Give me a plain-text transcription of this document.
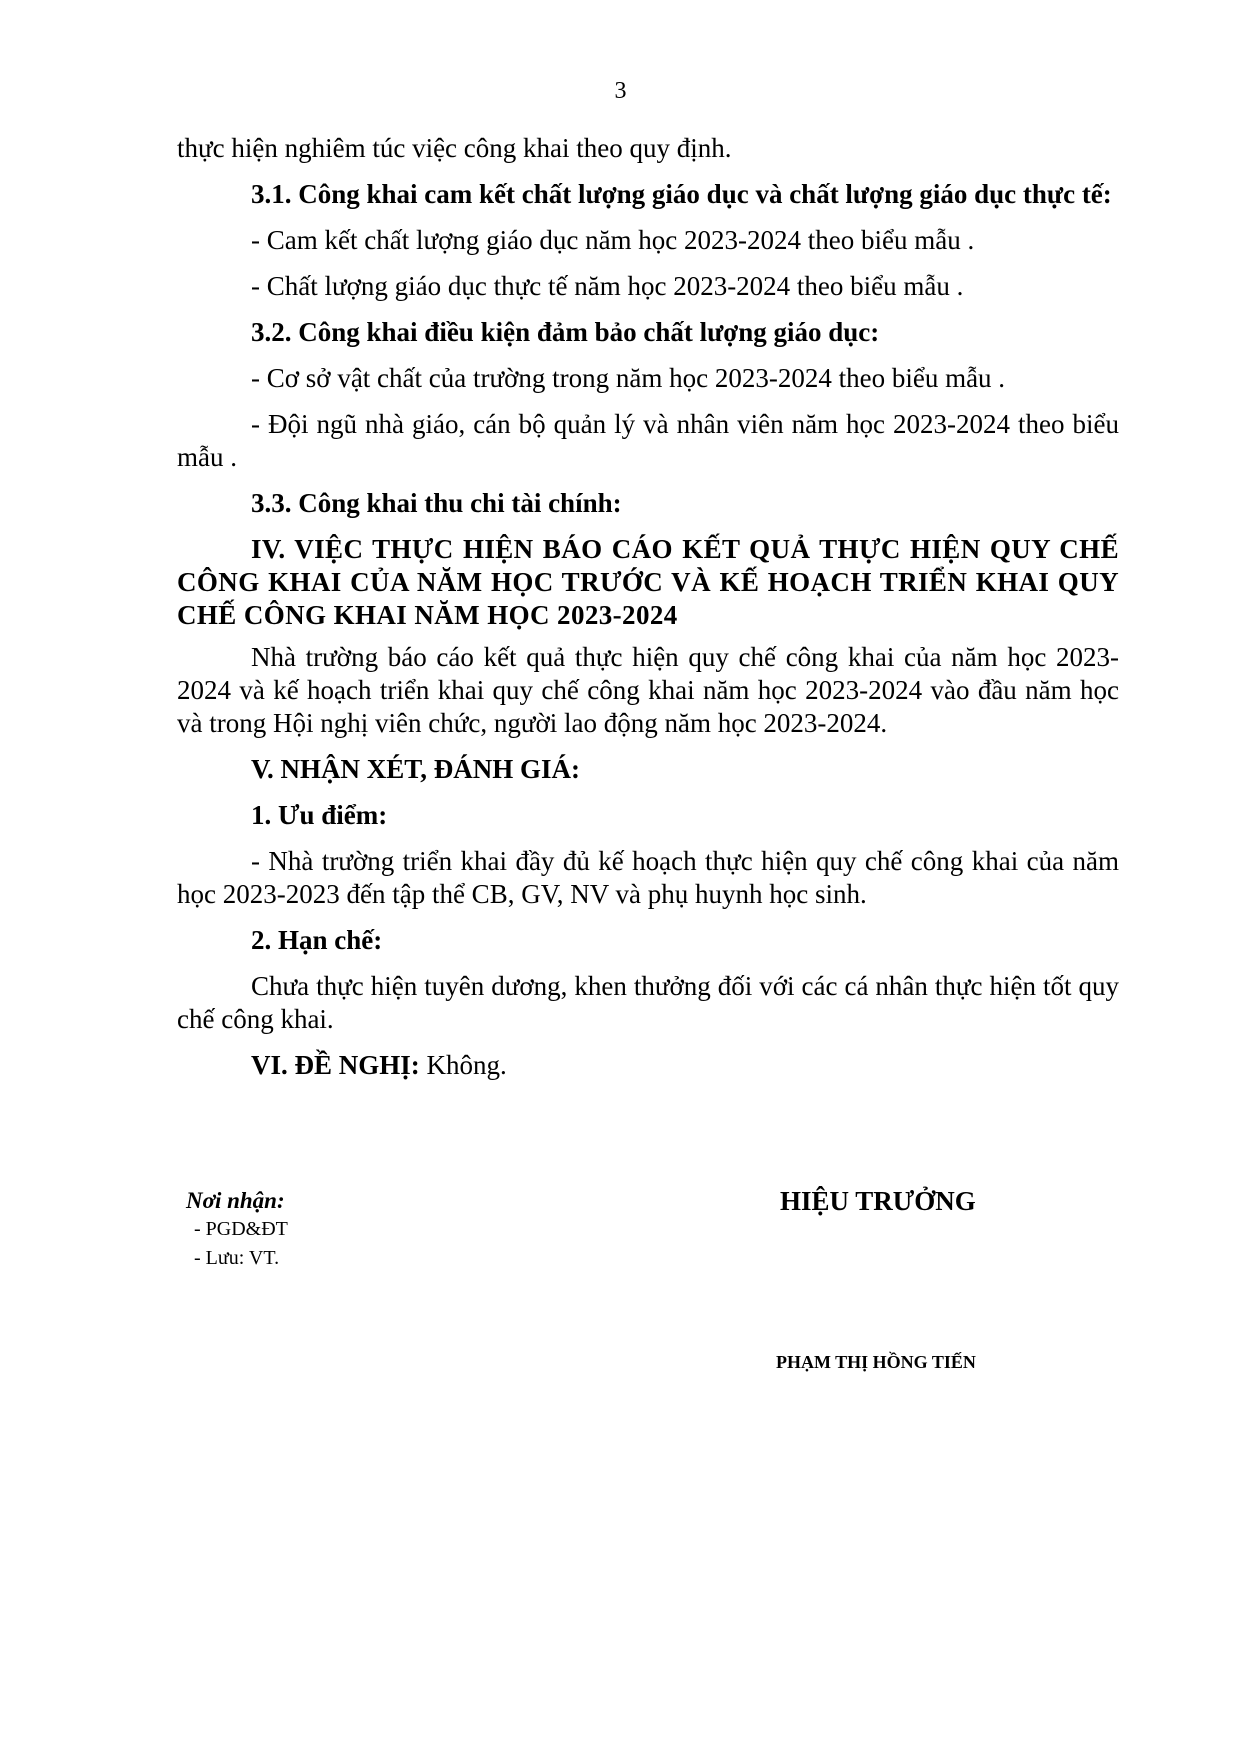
3

thực hiện nghiêm túc việc công khai theo quy định.

3.1. Công khai cam kết chất lượng giáo dục và chất lượng giáo dục thực tế:

- Cam kết chất lượng giáo dục năm học 2023-2024 theo biểu mẫu .

- Chất lượng giáo dục thực tế năm học 2023-2024 theo biểu mẫu .

3.2. Công khai điều kiện đảm bảo chất lượng giáo dục:

- Cơ sở vật chất của trường trong năm học 2023-2024 theo biểu mẫu .

- Đội ngũ nhà giáo, cán bộ quản lý và nhân viên năm học 2023-2024 theo biểu mẫu .

3.3. Công khai thu chi tài chính:

IV. VIỆC THỰC HIỆN BÁO CÁO KẾT QUẢ THỰC HIỆN QUY CHẾ CÔNG KHAI CỦA NĂM HỌC TRƯỚC VÀ KẾ HOẠCH TRIỂN KHAI QUY CHẾ CÔNG KHAI NĂM HỌC 2023-2024

Nhà trường báo cáo kết quả thực hiện quy chế công khai của năm học 2023-2024 và kế hoạch triển khai quy chế công khai năm học 2023-2024 vào đầu năm học và trong Hội nghị viên chức, người lao động năm học 2023-2024.

V. NHẬN XÉT, ĐÁNH GIÁ:

1. Ưu điểm:

- Nhà trường triển khai đầy đủ kế hoạch thực hiện quy chế công khai của năm học 2023-2023 đến tập thể CB, GV, NV và phụ huynh học sinh.

2. Hạn chế:

Chưa thực hiện tuyên dương, khen thưởng đối với các cá nhân thực hiện tốt quy chế công khai.

VI. ĐỀ NGHỊ: Không.

Nơi nhận:
- PGD&ĐT
- Lưu: VT.
HIỆU TRƯỞNG
PHẠM THỊ HỒNG TIẾN
